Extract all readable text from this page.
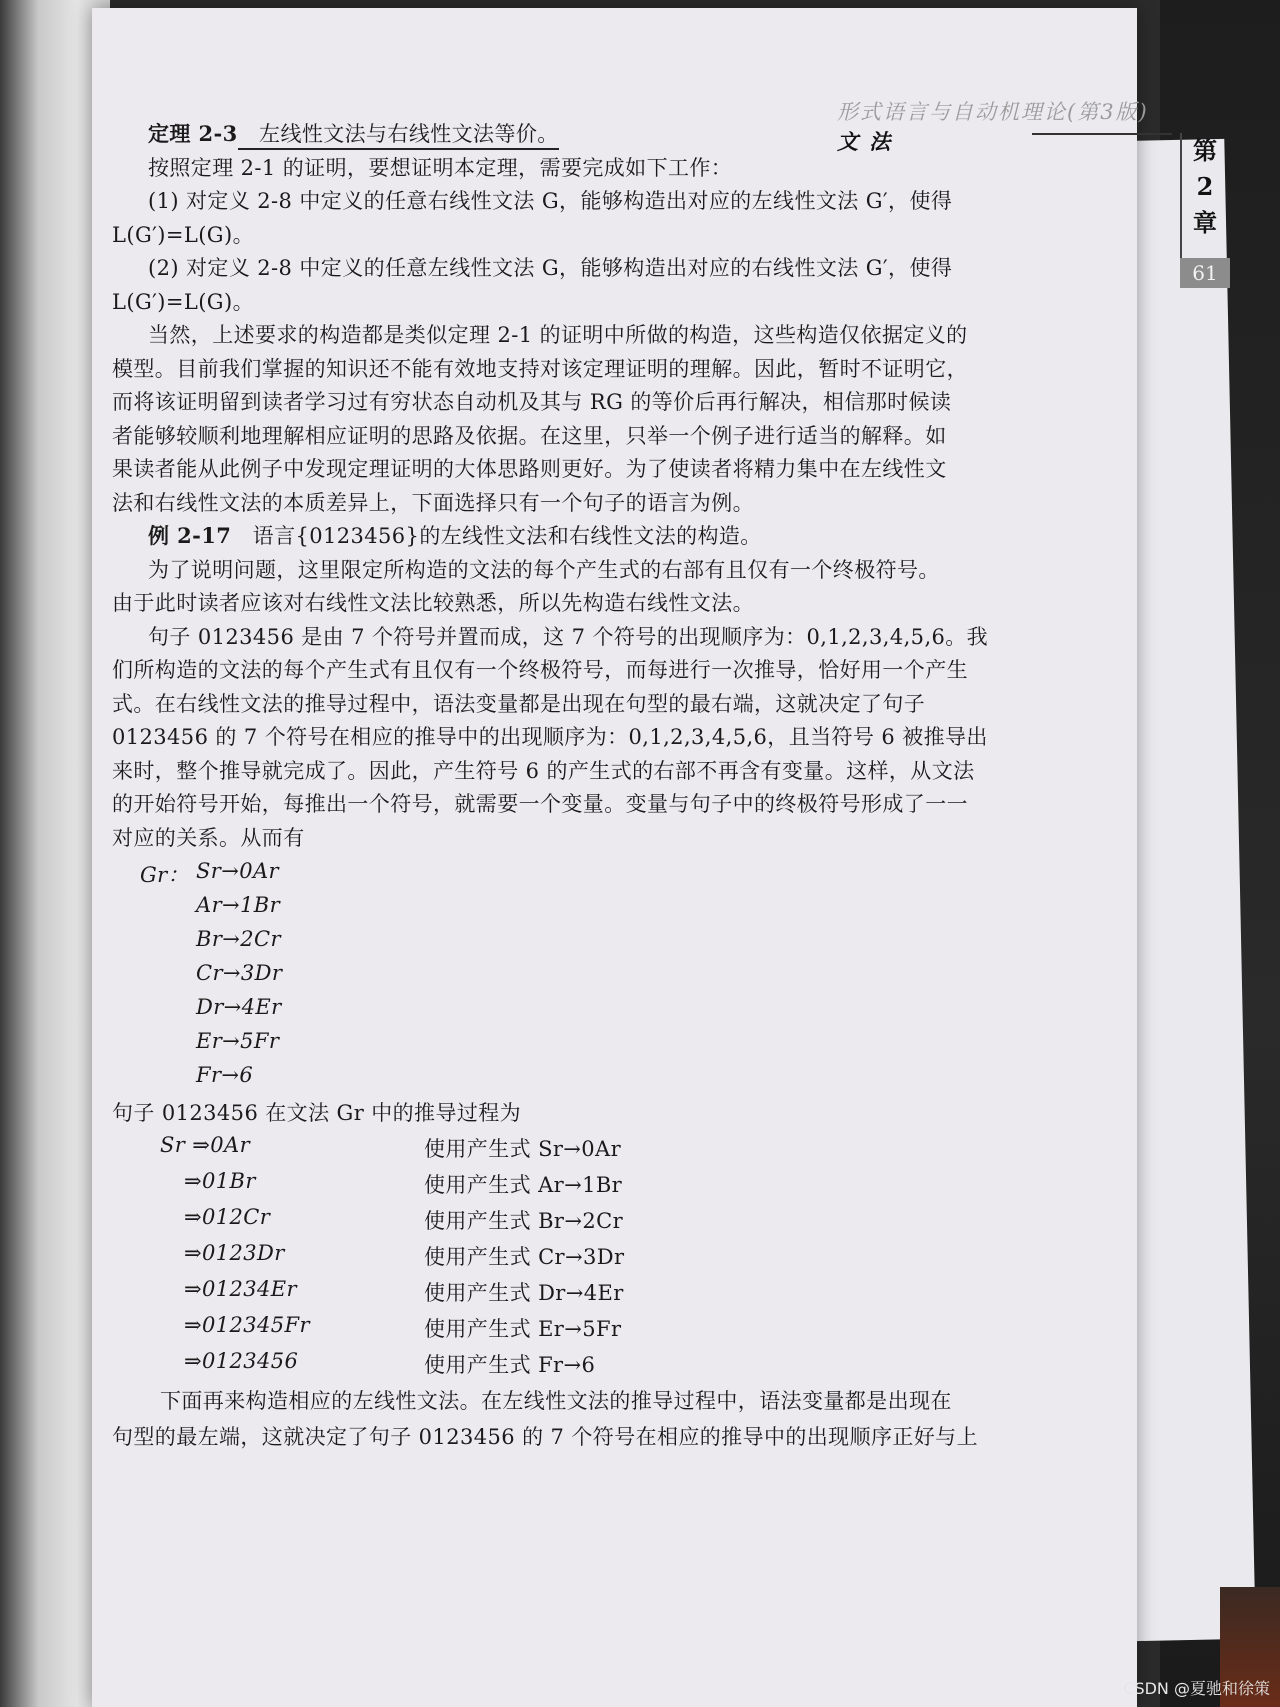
形式语言与自动机理论(第3版) 文 法	第
2
章
61
定理 2-3　左线性文法与右线性文法等价。
按照定理 2-1 的证明，要想证明本定理，需要完成如下工作：
(1) 对定义 2-8 中定义的任意右线性文法 G，能够构造出对应的左线性文法 G′，使得
L(G′)=L(G)。
(2) 对定义 2-8 中定义的任意左线性文法 G，能够构造出对应的右线性文法 G′，使得
L(G′)=L(G)。
当然，上述要求的构造都是类似定理 2-1 的证明中所做的构造，这些构造仅依据定义的
模型。目前我们掌握的知识还不能有效地支持对该定理证明的理解。因此，暂时不证明它，
而将该证明留到读者学习过有穷状态自动机及其与 RG 的等价后再行解决，相信那时候读
者能够较顺利地理解相应证明的思路及依据。在这里，只举一个例子进行适当的解释。如
果读者能从此例子中发现定理证明的大体思路则更好。为了使读者将精力集中在左线性文
法和右线性文法的本质差异上，下面选择只有一个句子的语言为例。
例 2-17　语言{0123456}的左线性文法和右线性文法的构造。
为了说明问题，这里限定所构造的文法的每个产生式的右部有且仅有一个终极符号。
由于此时读者应该对右线性文法比较熟悉，所以先构造右线性文法。
句子 0123456 是由 7 个符号并置而成，这 7 个符号的出现顺序为：0,1,2,3,4,5,6。我
们所构造的文法的每个产生式有且仅有一个终极符号，而每进行一次推导，恰好用一个产生
式。在右线性文法的推导过程中，语法变量都是出现在句型的最右端，这就决定了句子
0123456 的 7 个符号在相应的推导中的出现顺序为：0,1,2,3,4,5,6，且当符号 6 被推导出
来时，整个推导就完成了。因此，产生符号 6 的产生式的右部不再含有变量。这样，从文法
的开始符号开始，每推出一个符号，就需要一个变量。变量与句子中的终极符号形成了一一
对应的关系。从而有
Gr： Sr→0Ar
Ar→1Br
Br→2Cr
Cr→3Dr
Dr→4Er
Er→5Fr
Fr→6
句子 0123456 在文法 Gr 中的推导过程为
Sr ⇒0Ar	使用产生式 Sr→0Ar
⇒01Br	使用产生式 Ar→1Br
⇒012Cr	使用产生式 Br→2Cr
⇒0123Dr	使用产生式 Cr→3Dr
⇒01234Er	使用产生式 Dr→4Er
⇒012345Fr	使用产生式 Er→5Fr
⇒0123456	使用产生式 Fr→6
下面再来构造相应的左线性文法。在左线性文法的推导过程中，语法变量都是出现在
句型的最左端，这就决定了句子 0123456 的 7 个符号在相应的推导中的出现顺序正好与上
CSDN @夏驰和徐策
